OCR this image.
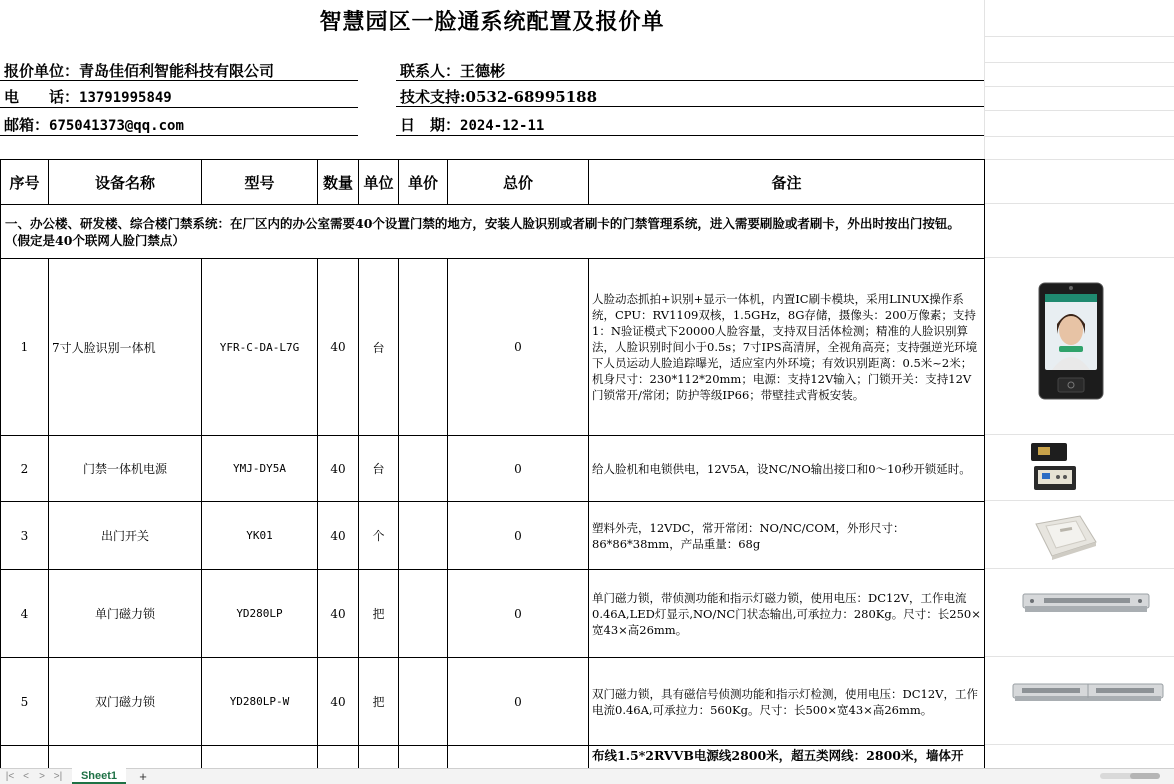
智慧园区一脸通系统配置及报价单
报价单位：青岛佳佰利智能科技有限公司	联系人：王德彬
电　　话：13791995849	技术支持:0532-68995188
邮箱：675041373@qq.com	日　期：2024-12-11
序号	设备名称	型号	数量	单位	单价	总价	备注
一、办公楼、研发楼、综合楼门禁系统：在厂区内的办公室需要40个设置门禁的地方，安装人脸识别或者刷卡的门禁管理系统，进入需要刷脸或者刷卡，外出时按出门按钮。　（假定是40个联网人脸门禁点）							
1	7寸人脸识别一体机	YFR-C-DA-L7G	40	台		0	人脸动态抓拍+识别+显示一体机，内置IC刷卡模块，采用LINUX操作系统，CPU：RV1109双核，1.5GHz，8G存储，摄像头：200万像素；支持1：N验证模式下20000人脸容量，支持双目活体检测；精准的人脸识别算法，人脸识别时间小于0.5s；7寸IPS高清屏，全视角高亮；支持强逆光环境下人员运动人脸追踪曝光，适应室内外环境；有效识别距离：0.5米~2米；机身尺寸：230*112*20mm；电源：支持12V输入；门锁开关：支持12V门锁常开/常闭；防护等级IP66；带壁挂式背板安装。
2	门禁一体机电源	YMJ-DY5A	40	台		0	给人脸机和电锁供电，12V5A，设NC/NO输出接口和0～10秒开锁延时。
3	出门开关	YK01	40	个		0	塑料外壳，12VDC，常开常闭：NO/NC/COM，外形尺寸：86*86*38mm，产品重量：68g
4	单门磁力锁	YD280LP	40	把		0	单门磁力锁，带侦测功能和指示灯磁力锁，使用电压：DC12V，工作电流0.46A,LED灯显示,NO/NC门状态输出,可承拉力：280Kg。尺寸：长250×宽43×高26mm。
5	双门磁力锁	YD280LP-W	40	把		0	双门磁力锁，具有磁信号侦测功能和指示灯检测，使用电压：DC12V，工作电流0.46A,可承拉力：560Kg。尺寸：长500×宽43×高26mm。
							布线1.5*2RVVB电源线2800米，超五类网线：2800米，墙体开
|< <	> >|	Sheet1	+
